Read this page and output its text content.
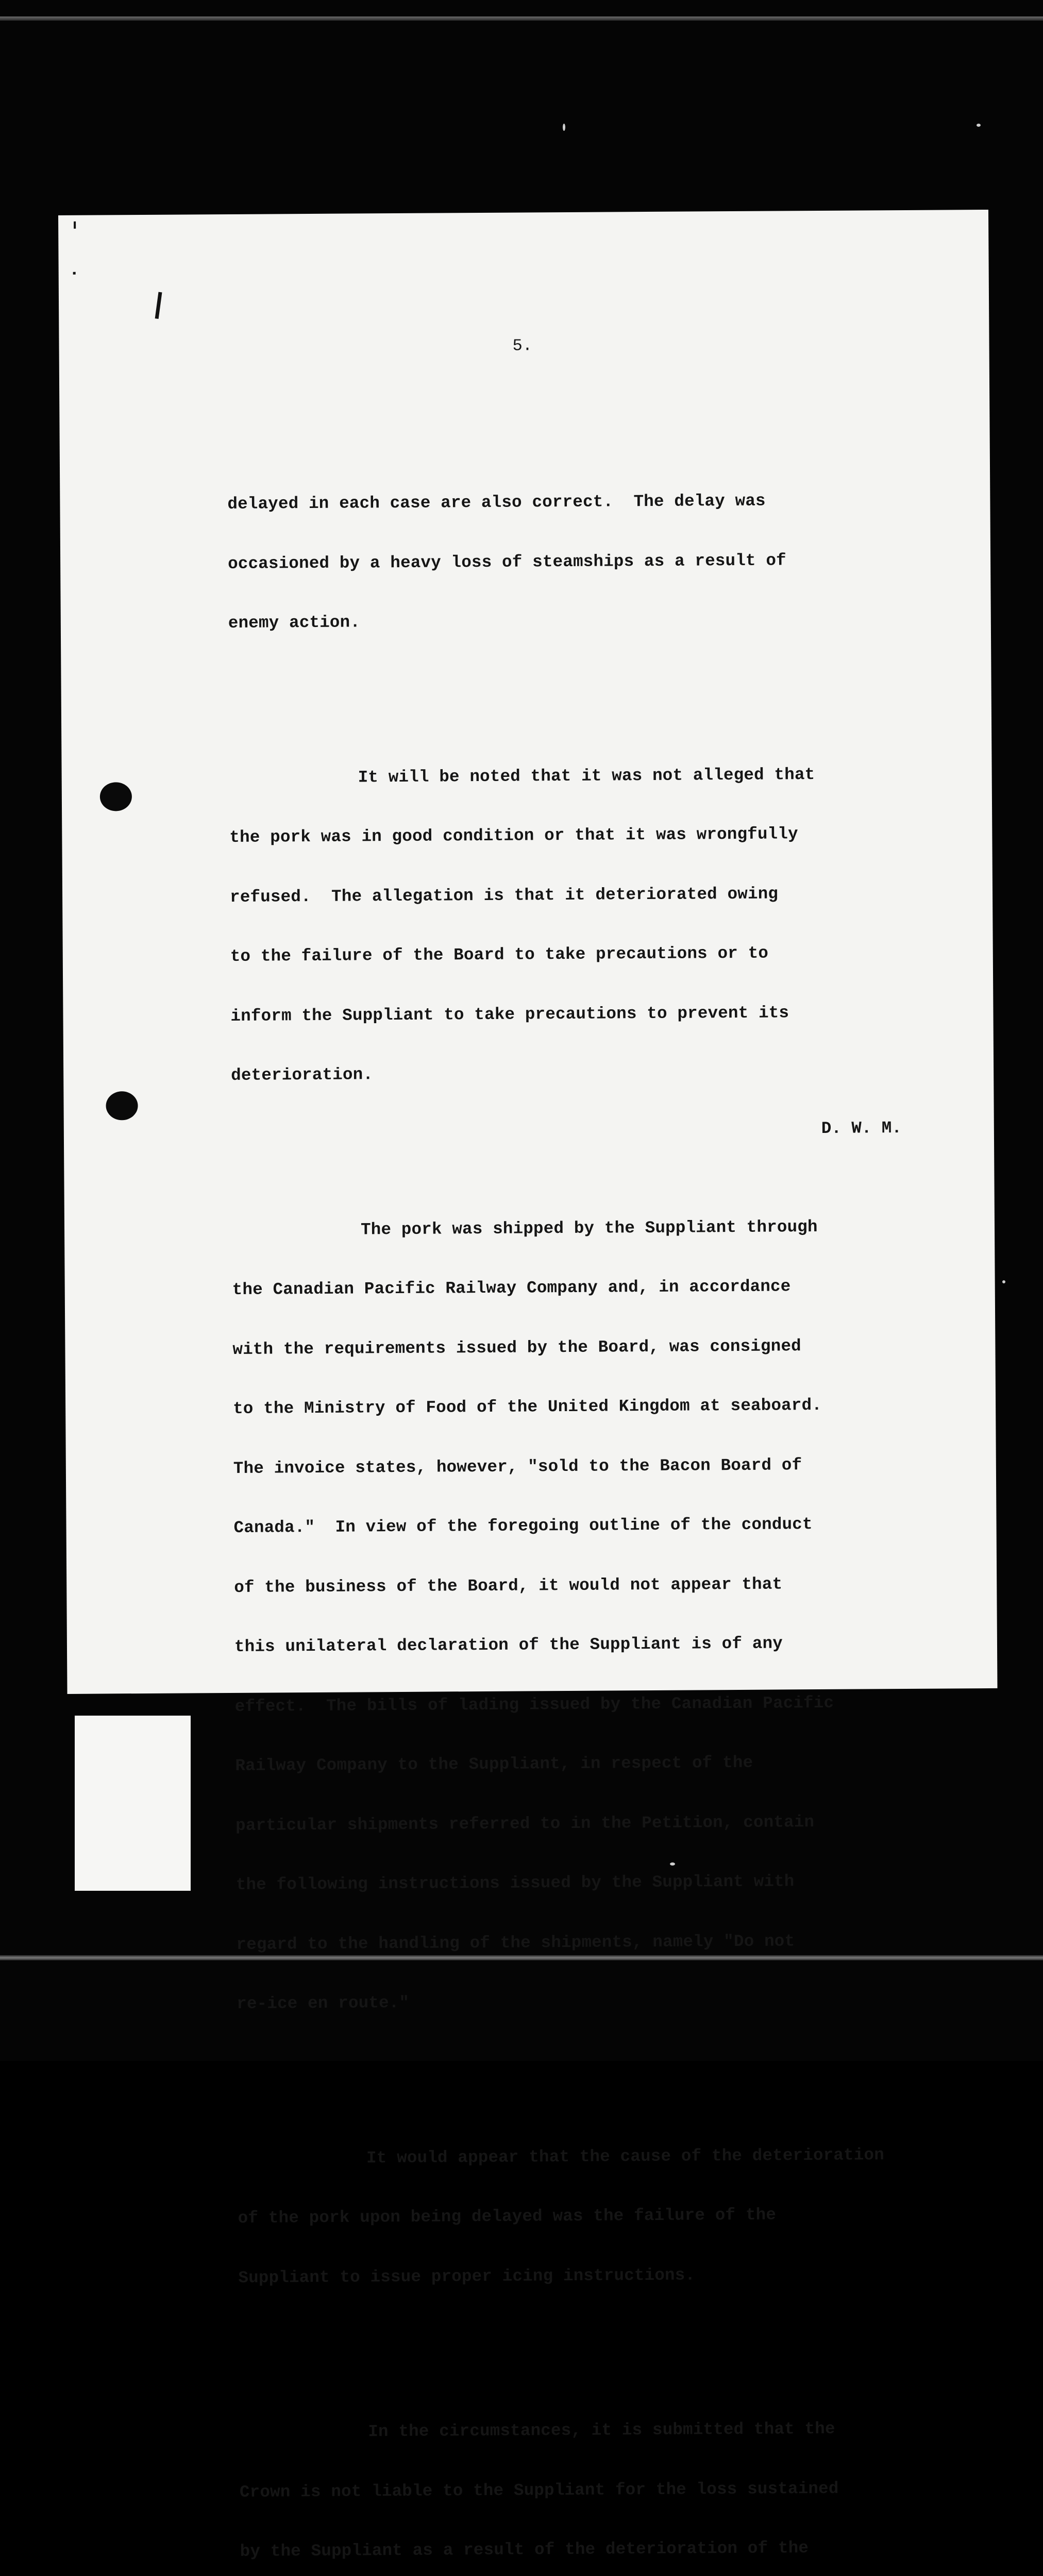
5.

delayed in each case are also correct.  The delay was

occasioned by a heavy loss of steamships as a result of

enemy action.

It will be noted that it was not alleged that

the pork was in good condition or that it was wrongfully

refused.  The allegation is that it deteriorated owing

to the failure of the Board to take precautions or to

inform the Suppliant to take precautions to prevent its

deterioration.

The pork was shipped by the Suppliant through

the Canadian Pacific Railway Company and, in accordance

with the requirements issued by the Board, was consigned

to the Ministry of Food of the United Kingdom at seaboard.

The invoice states, however, "sold to the Bacon Board of

Canada."  In view of the foregoing outline of the conduct

of the business of the Board, it would not appear that

this unilateral declaration of the Suppliant is of any

effect.  The bills of lading issued by the Canadian Pacific

Railway Company to the Suppliant, in respect of the

particular shipments referred to in the Petition, contain

the following instructions issued by the Suppliant with

regard to the handling of the shipments, namely "Do not

re-ice en route."

It would appear that the cause of the deterioration

of the pork upon being delayed was the failure of the

Suppliant to issue proper icing instructions.

In the circumstances, it is submitted that the

Crown is not liable to the Suppliant for the loss sustained

by the Suppliant as a result of the deterioration of the

D. W. M.
